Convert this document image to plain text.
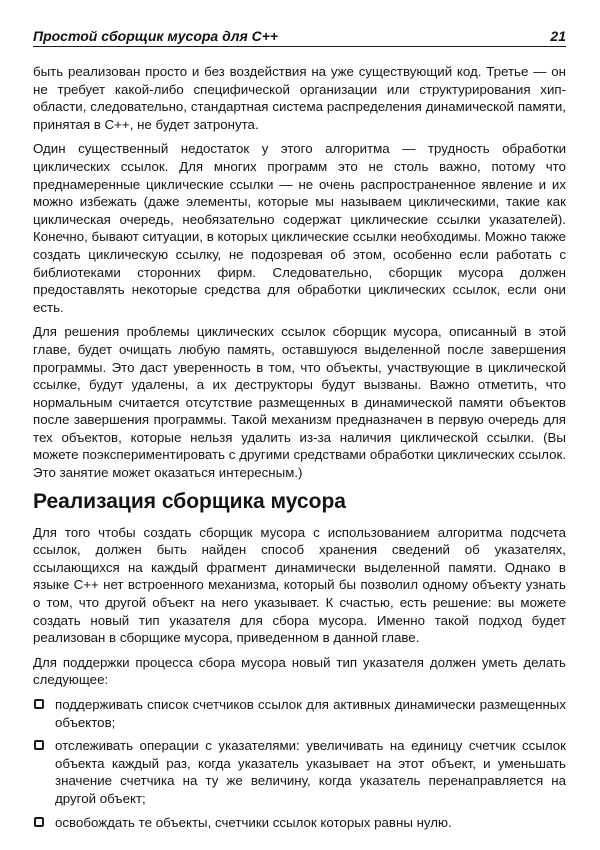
Простой сборщик мусора для C++	21

быть реализован просто и без воздействия на уже существующий код. Третье — он не требует какой-либо специфической организации или структурирования хип-области, следовательно, стандартная система распределения динамической памяти, принятая в C++, не будет затронута.

Один существенный недостаток у этого алгоритма — трудность обработки циклических ссылок. Для многих программ это не столь важно, потому что преднамеренные циклические ссылки — не очень распространенное явление и их можно избежать (даже элементы, которые мы называем циклическими, такие как циклическая очередь, необязательно содержат циклические ссылки указателей). Конечно, бывают ситуации, в которых циклические ссылки необходимы. Можно также создать циклическую ссылку, не подозревая об этом, особенно если работать с библиотеками сторонних фирм. Следовательно, сборщик мусора должен предоставлять некоторые средства для обработки циклических ссылок, если они есть.

Для решения проблемы циклических ссылок сборщик мусора, описанный в этой главе, будет очищать любую память, оставшуюся выделенной после завершения программы. Это даст уверенность в том, что объекты, участвующие в циклической ссылке, будут удалены, а их деструкторы будут вызваны. Важно отметить, что нормальным считается отсутствие размещенных в динамической памяти объектов после завершения программы. Такой механизм предназначен в первую очередь для тех объектов, которые нельзя удалить из-за наличия циклической ссылки. (Вы можете поэкспериментировать с другими средствами обработки циклических ссылок. Это занятие может оказаться интересным.)

Реализация сборщика мусора

Для того чтобы создать сборщик мусора с использованием алгоритма подсчета ссылок, должен быть найден способ хранения сведений об указателях, ссылающихся на каждый фрагмент динамически выделенной памяти. Однако в языке C++ нет встроенного механизма, который бы позволил одному объекту узнать о том, что другой объект на него указывает. К счастью, есть решение: вы можете создать новый тип указателя для сбора мусора. Именно такой подход будет реализован в сборщике мусора, приведенном в данной главе.

Для поддержки процесса сбора мусора новый тип указателя должен уметь делать следующее:

поддерживать список счетчиков ссылок для активных динамически размещенных объектов;
отслеживать операции с указателями: увеличивать на единицу счетчик ссылок объекта каждый раз, когда указатель указывает на этот объект, и уменьшать значение счетчика на ту же величину, когда указатель перенаправляется на другой объект;
освобождать те объекты, счетчики ссылок которых равны нулю.
